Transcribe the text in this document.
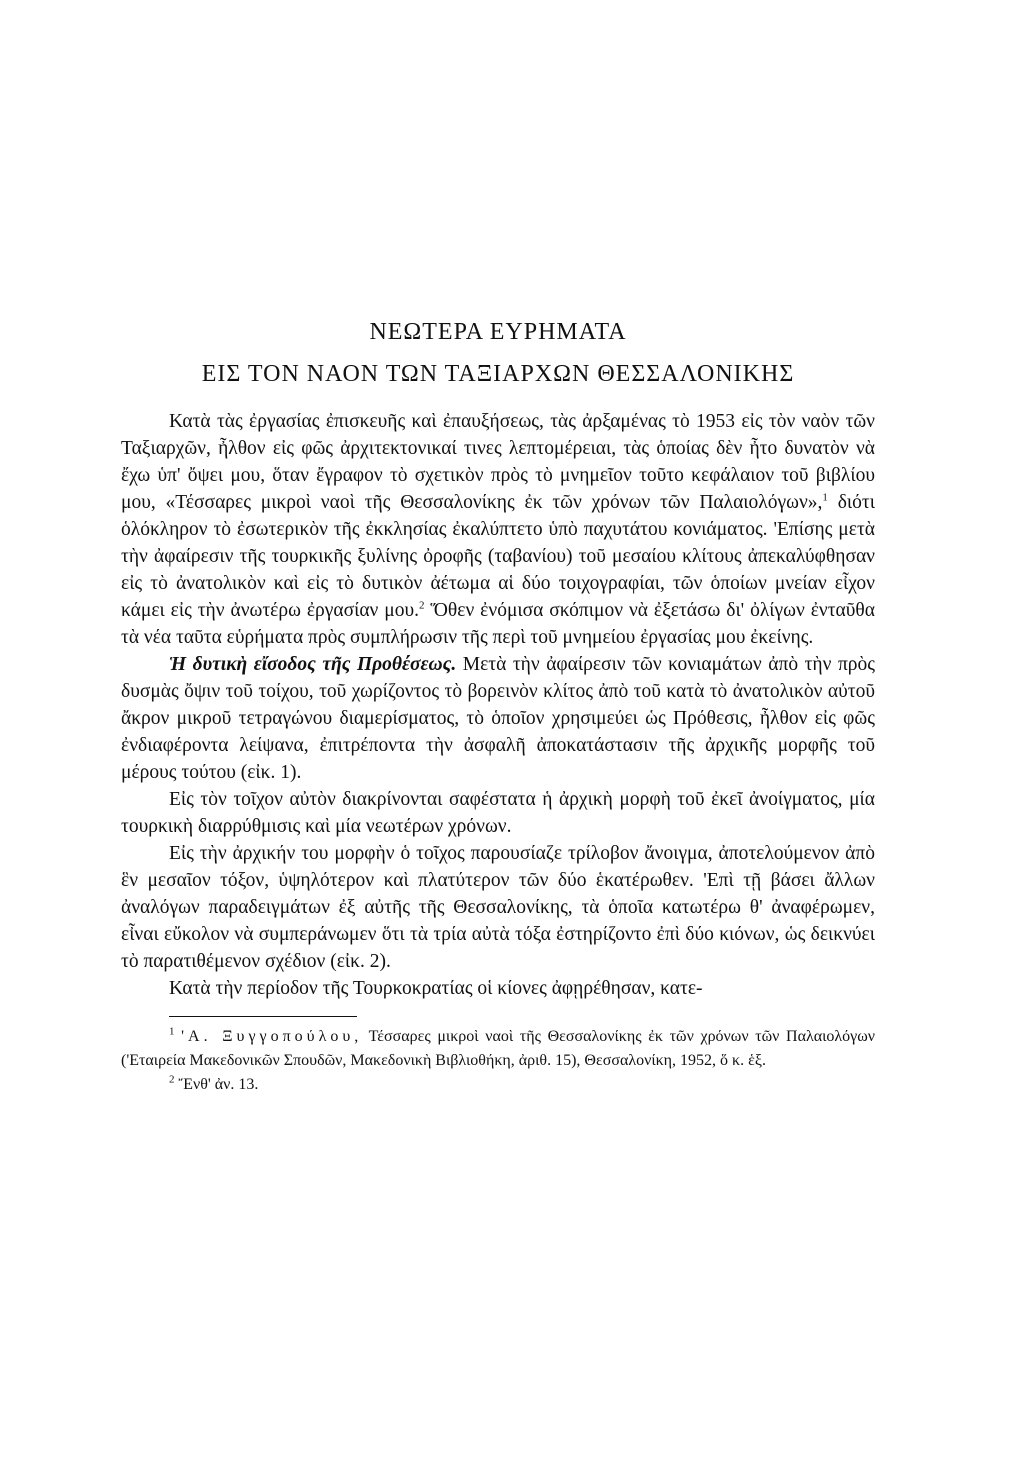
ΝΕΩΤΕΡΑ ΕΥΡΗΜΑΤΑ
ΕΙΣ ΤΟΝ ΝΑΟΝ ΤΩΝ ΤΑΞΙΑΡΧΩΝ ΘΕΣΣΑΛΟΝΙΚΗΣ

Κατὰ τὰς ἐργασίας ἐπισκευῆς καὶ ἐπαυξήσεως, τὰς ἀρξαμένας τὸ 1953 εἰς τὸν ναὸν τῶν Ταξιαρχῶν, ἦλθον εἰς φῶς ἀρχιτεκτονικαί τινες λεπτομέρειαι, τὰς ὁποίας δὲν ἦτο δυνατὸν νὰ ἔχω ὑπ' ὄψει μου, ὅταν ἔγραφον τὸ σχετικὸν πρὸς τὸ μνημεῖον τοῦτο κεφάλαιον τοῦ βιβλίου μου, «Τέσσαρες μικροὶ ναοὶ τῆς Θεσσαλονίκης ἐκ τῶν χρόνων τῶν Παλαιολόγων»,$^1$ διότι ὁλόκληρον τὸ ἐσωτερικὸν τῆς ἐκκλησίας ἐκαλύπτετο ὑπὸ παχυτάτου κονιάματος. 'Επίσης μετὰ τὴν ἀφαίρεσιν τῆς τουρκικῆς ξυλίνης ὀροφῆς (ταβανίου) τοῦ μεσαίου κλίτους ἀπεκαλύφθησαν εἰς τὸ ἀνατολικὸν καὶ εἰς τὸ δυτικὸν ἀέτωμα αἱ δύο τοιχογραφίαι, τῶν ὁποίων μνείαν εἶχον κάμει εἰς τὴν ἀνωτέρω ἐργασίαν μου.$^2$ Ὅθεν ἐνόμισα σκόπιμον νὰ ἐξετάσω δι' ὀλίγων ἐνταῦθα τὰ νέα ταῦτα εὑρήματα πρὸς συμπλήρωσιν τῆς περὶ τοῦ μνημείου ἐργασίας μου ἐκείνης.

Ἡ δυτικὴ εἴσοδος τῆς Προθέσεως. Μετὰ τὴν ἀφαίρεσιν τῶν κονιαμάτων ἀπὸ τὴν πρὸς δυσμὰς ὄψιν τοῦ τοίχου, τοῦ χωρίζοντος τὸ βορεινὸν κλίτος ἀπὸ τοῦ κατὰ τὸ ἀνατολικὸν αὐτοῦ ἄκρον μικροῦ τετραγώνου διαμερίσματος, τὸ ὁποῖον χρησιμεύει ὡς Πρόθεσις, ἦλθον εἰς φῶς ἐνδιαφέροντα λείψανα, ἐπιτρέποντα τὴν ἀσφαλῆ ἀποκατάστασιν τῆς ἀρχικῆς μορφῆς τοῦ μέρους τούτου (εἰκ. 1).

Εἰς τὸν τοῖχον αὐτὸν διακρίνονται σαφέστατα ἡ ἀρχικὴ μορφὴ τοῦ ἐκεῖ ἀνοίγματος, μία τουρκικὴ διαρρύθμισις καὶ μία νεωτέρων χρόνων.

Εἰς τὴν ἀρχικήν του μορφὴν ὁ τοῖχος παρουσίαζε τρίλοβον ἄνοιγμα, ἀποτελούμενον ἀπὸ ἓν μεσαῖον τόξον, ὑψηλότερον καὶ πλατύτερον τῶν δύο ἑκατέρωθεν. 'Επὶ τῇ βάσει ἄλλων ἀναλόγων παραδειγμάτων ἐξ αὐτῆς τῆς Θεσσαλονίκης, τὰ ὁποῖα κατωτέρω θ' ἀναφέρωμεν, εἶναι εὔκολον νὰ συμπεράνωμεν ὅτι τὰ τρία αὐτὰ τόξα ἐστηρίζοντο ἐπὶ δύο κιόνων, ὡς δεικνύει τὸ παρατιθέμενον σχέδιον (εἰκ. 2).

Κατὰ τὴν περίοδον τῆς Τουρκοκρατίας οἱ κίονες ἀφῃρέθησαν, κατε-

$^1$ 'Α. Ξυγγοπούλου, Τέσσαρες μικροὶ ναοὶ τῆς Θεσσαλονίκης ἐκ τῶν χρόνων τῶν Παλαιολόγων ('Εταιρεία Μακεδονικῶν Σπουδῶν, Μακεδονικὴ Βιβλιοθήκη, ἀριθ. 15), Θεσσαλονίκη, 1952, ὅ κ. ἑξ.

$^2$ Ἔνθ' ἀν. 13.
